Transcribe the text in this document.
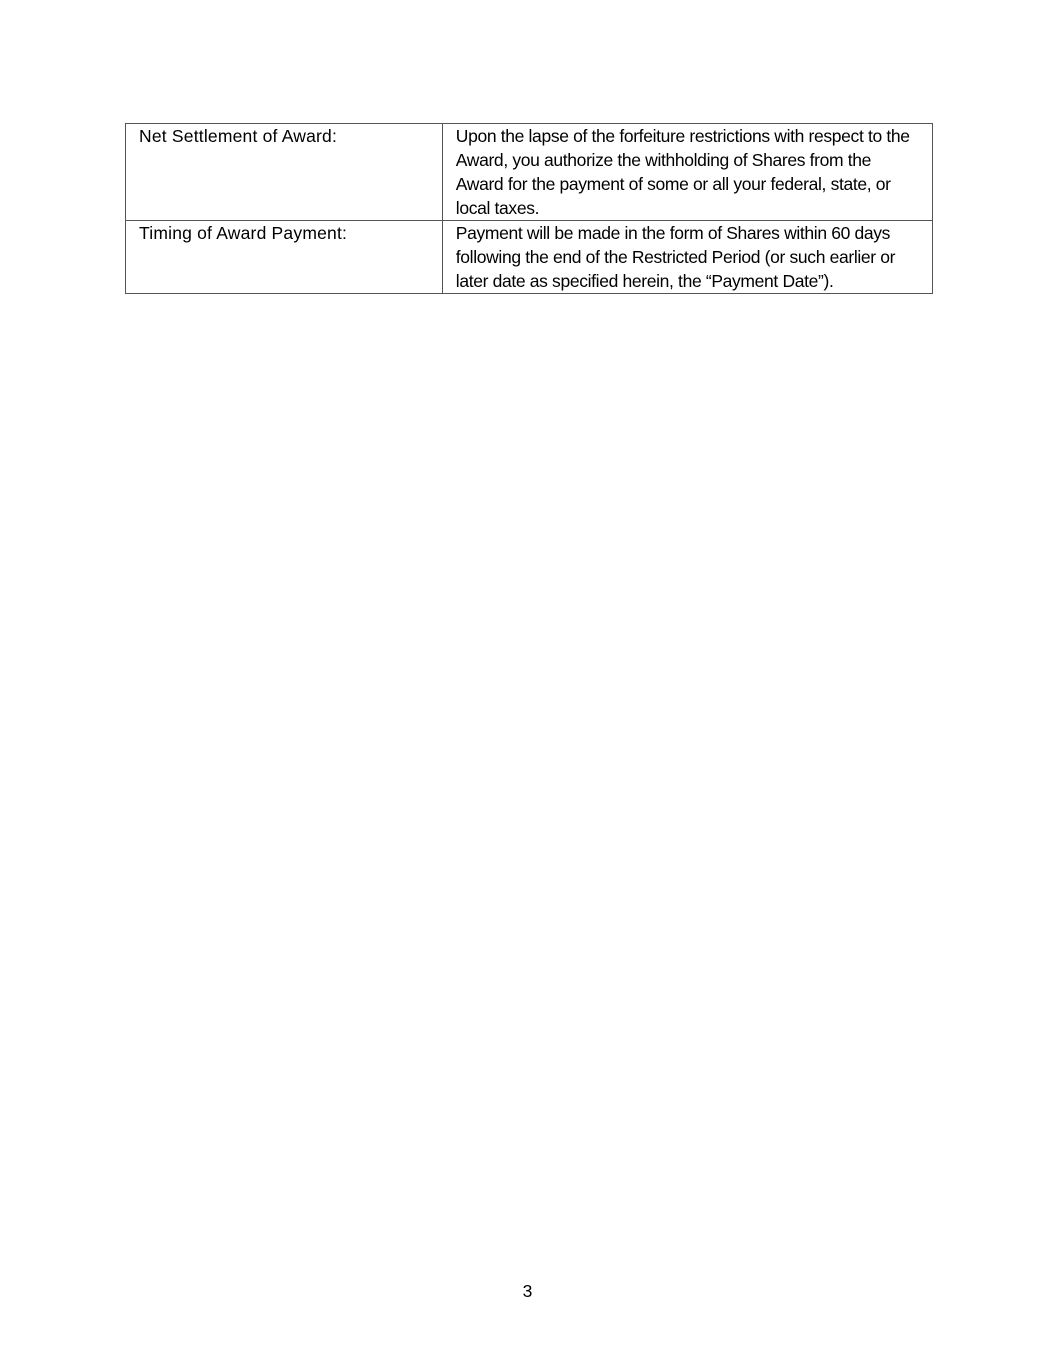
Net Settlement of Award:	Upon the lapse of the forfeiture restrictions with respect to the Award, you authorize the withholding of Shares from the Award for the payment of some or all your federal, state, or local taxes.
Timing of Award Payment:	Payment will be made in the form of Shares within 60 days following the end of the Restricted Period (or such earlier or later date as specified herein, the “Payment Date”).
3
